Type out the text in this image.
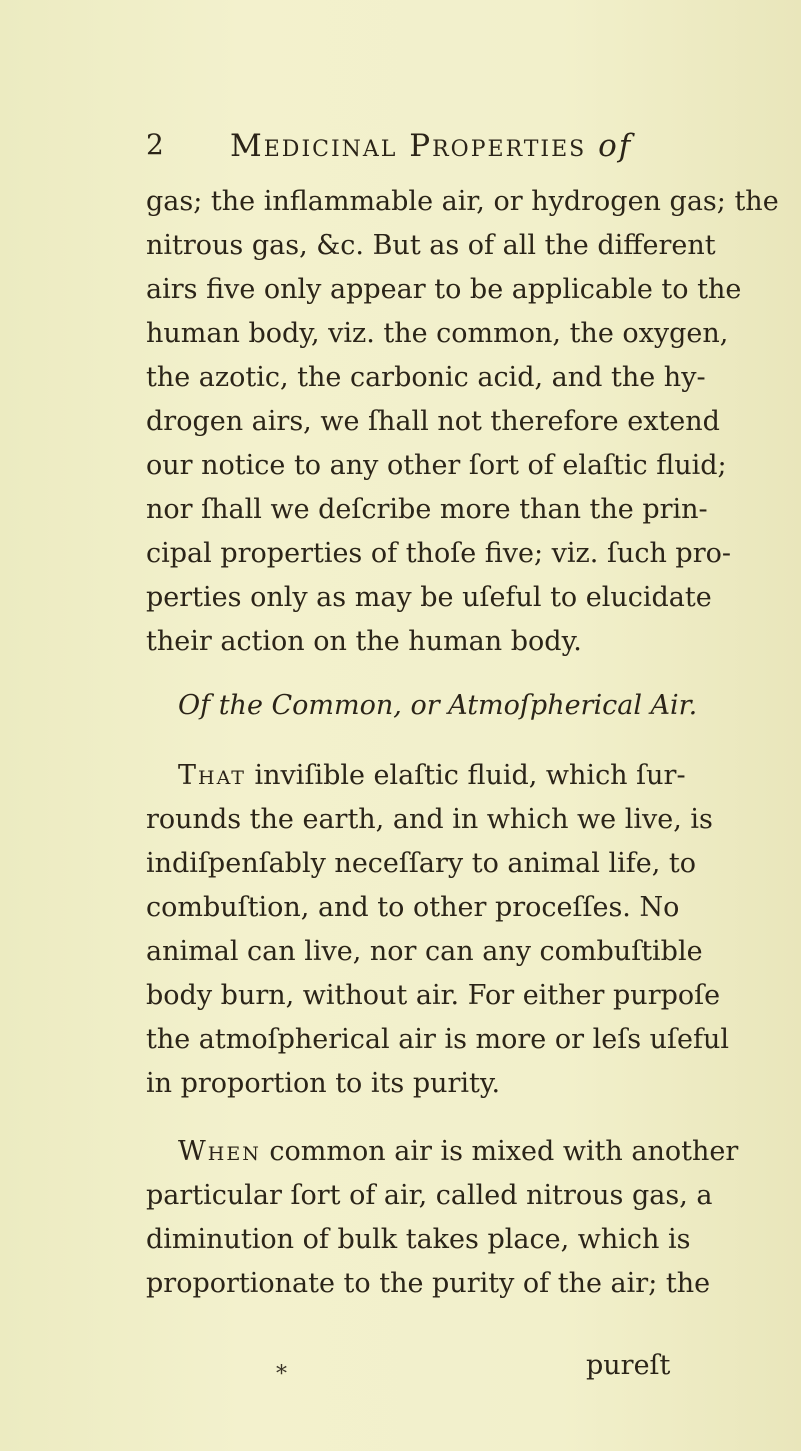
2 Medicinal Properties of
gas; the inflammable air, or hydrogen gas; the
nitrous gas, &c. But as of all the different
airs five only appear to be applicable to the
human body, viz. the common, the oxygen,
the azotic, the carbonic acid, and the hy-
drogen airs, we ſhall not therefore extend
our notice to any other ſort of elaſtic fluid;
nor ſhall we deſcribe more than the prin-
cipal properties of thoſe five; viz. ſuch pro-
perties only as may be uſeful to elucidate
their action on the human body.
Of the Common, or Atmoſpherical Air.
That inviſible elaſtic fluid, which ſur-
rounds the earth, and in which we live, is
indiſpenſably neceſſary to animal life, to
combuſtion, and to other proceſſes. No
animal can live, nor can any combuſtible
body burn, without air. For either purpoſe
the atmoſpherical air is more or leſs uſeful
in proportion to its purity.
When common air is mixed with another
particular ſort of air, called nitrous gas, a
diminution of bulk takes place, which is
proportionate to the purity of the air; the
*	pureſt
